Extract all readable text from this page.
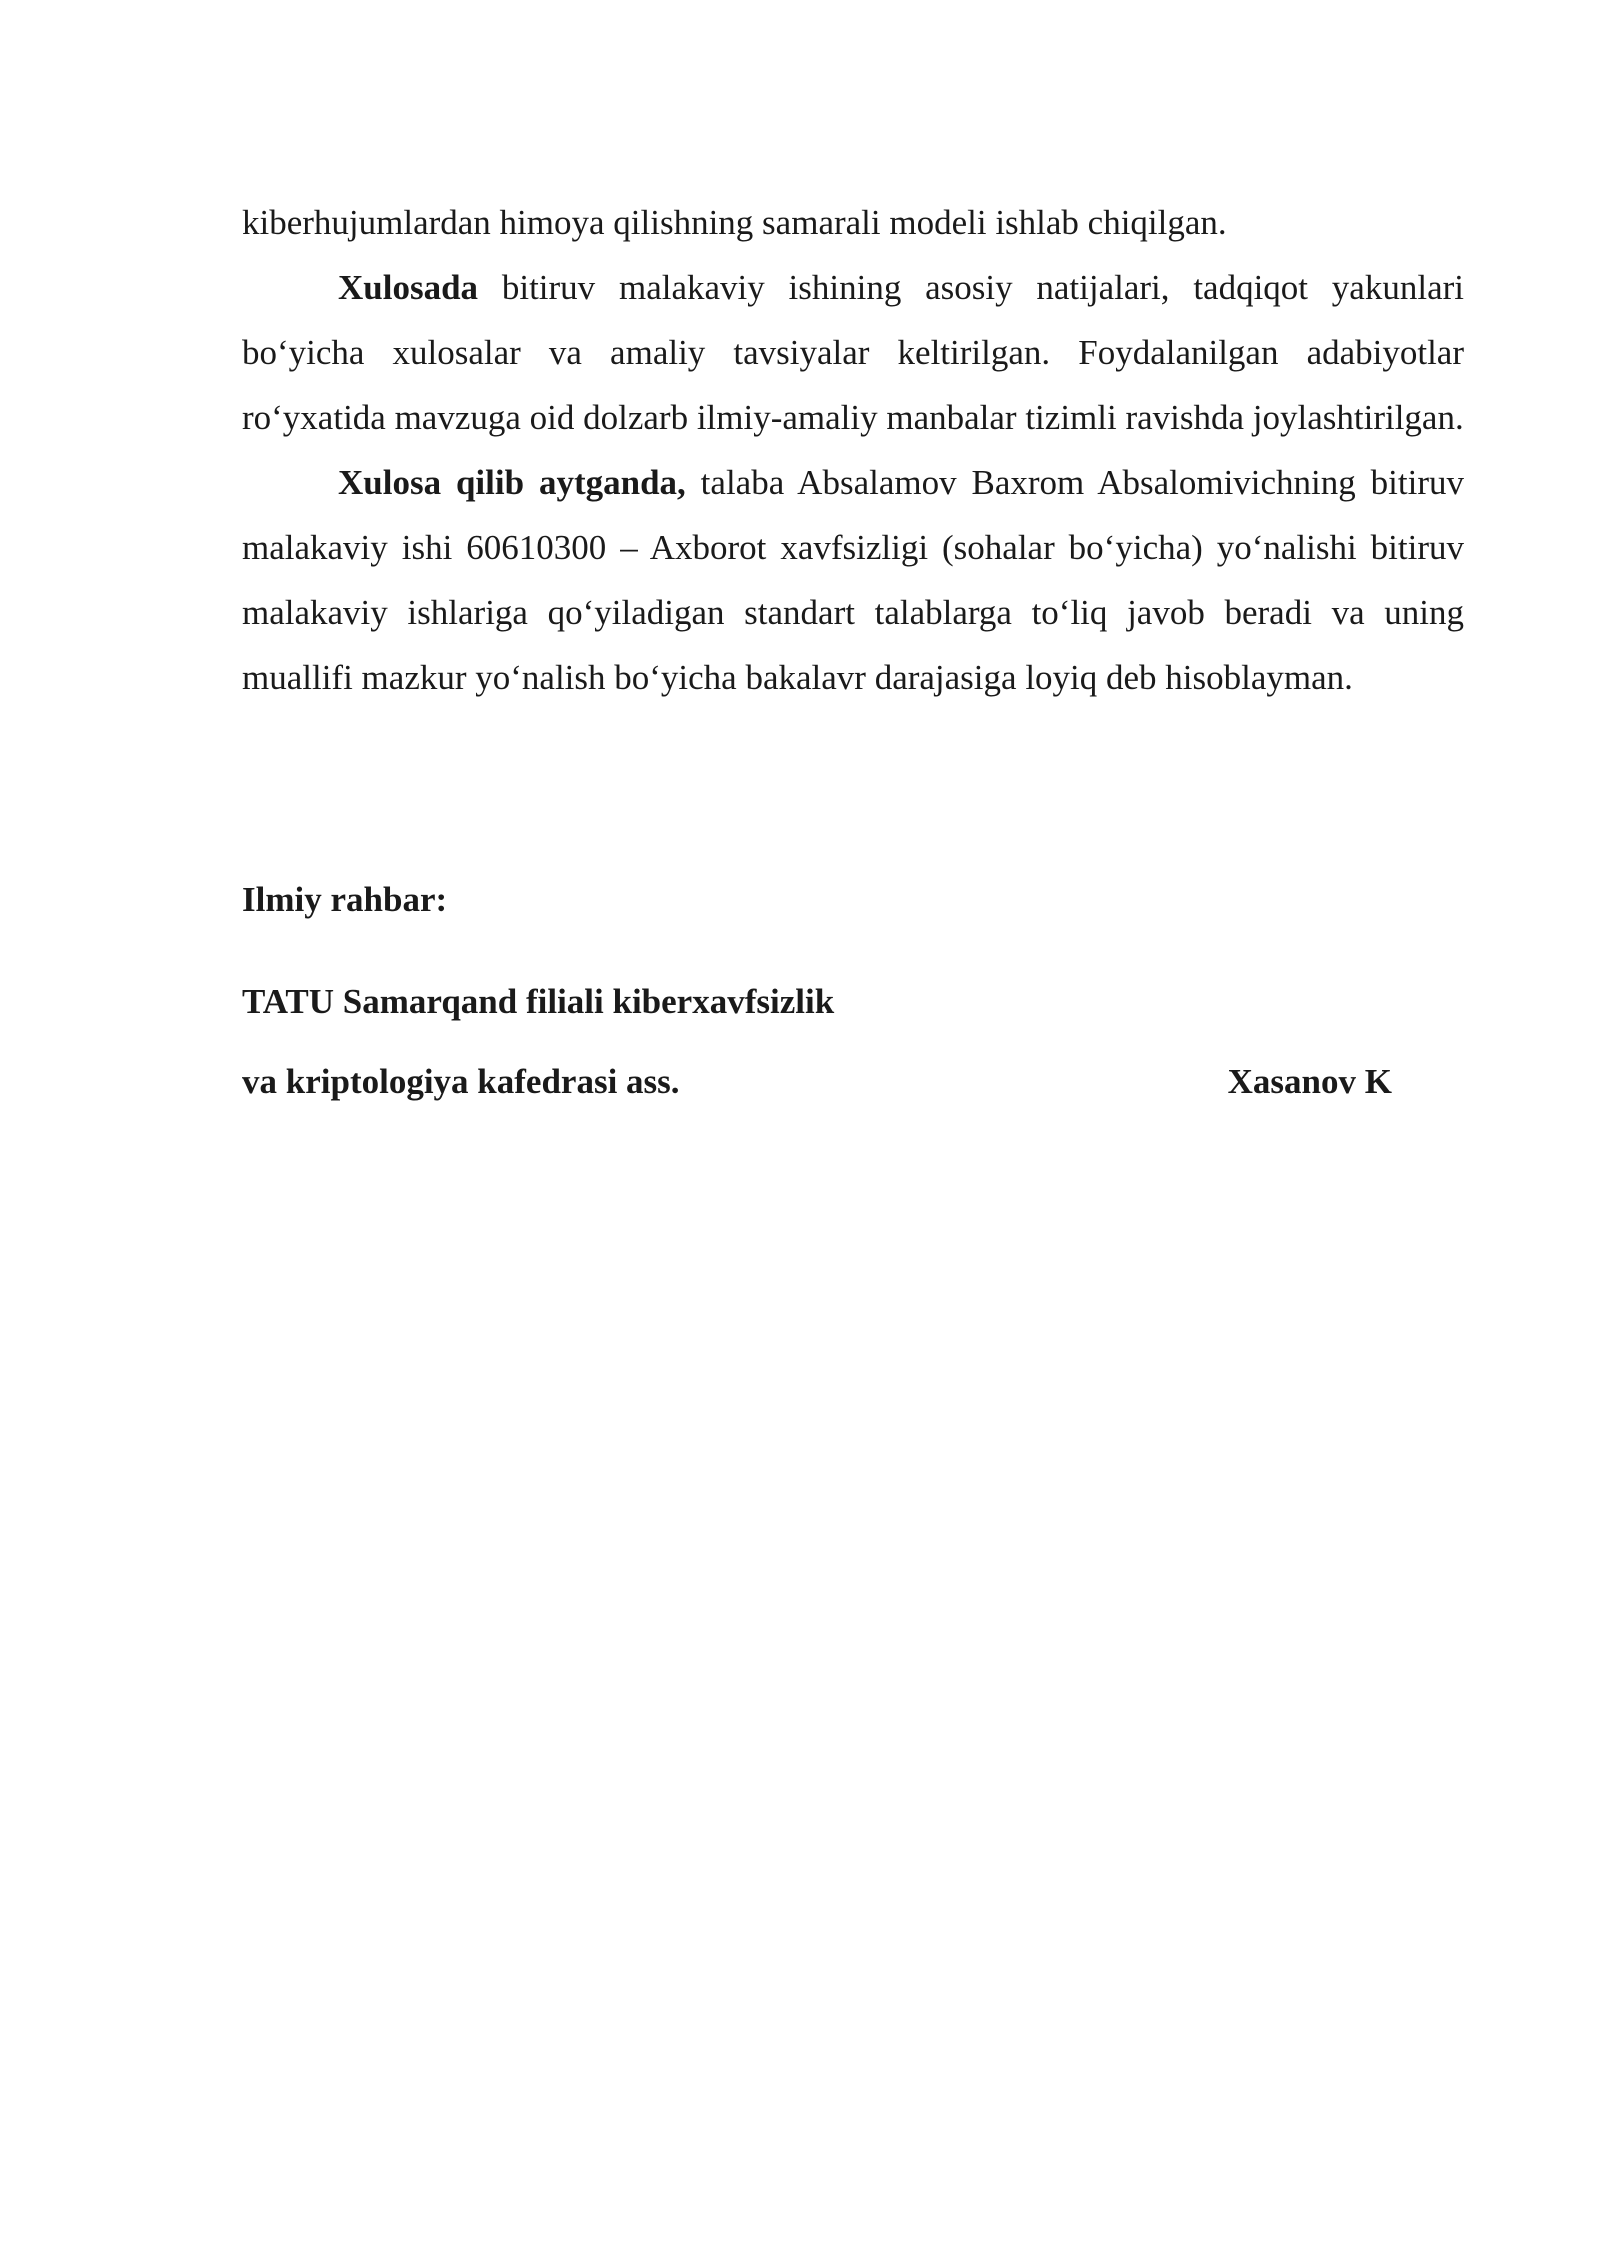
kiberhujumlardan himoya qilishning samarali modeli ishlab chiqilgan.

Xulosada bitiruv malakaviy ishining asosiy natijalari, tadqiqot yakunlari bo‘yicha xulosalar va amaliy tavsiyalar keltirilgan. Foydalanilgan adabiyotlar ro‘yxatida mavzuga oid dolzarb ilmiy-amaliy manbalar tizimli ravishda joylashtirilgan.

Xulosa qilib aytganda, talaba Absalamov Baxrom Absalomivichning bitiruv malakaviy ishi 60610300 – Axborot xavfsizligi (sohalar bo‘yicha) yo‘nalishi bitiruv malakaviy ishlariga qo‘yiladigan standart talablarga to‘liq javob beradi va uning muallifi mazkur yo‘nalish bo‘yicha bakalavr darajasiga loyiq deb hisoblayman.

Ilmiy rahbar:

TATU Samarqand filiali kiberxavfsizlik

va kriptologiya kafedrasi ass.	Xasanov K
